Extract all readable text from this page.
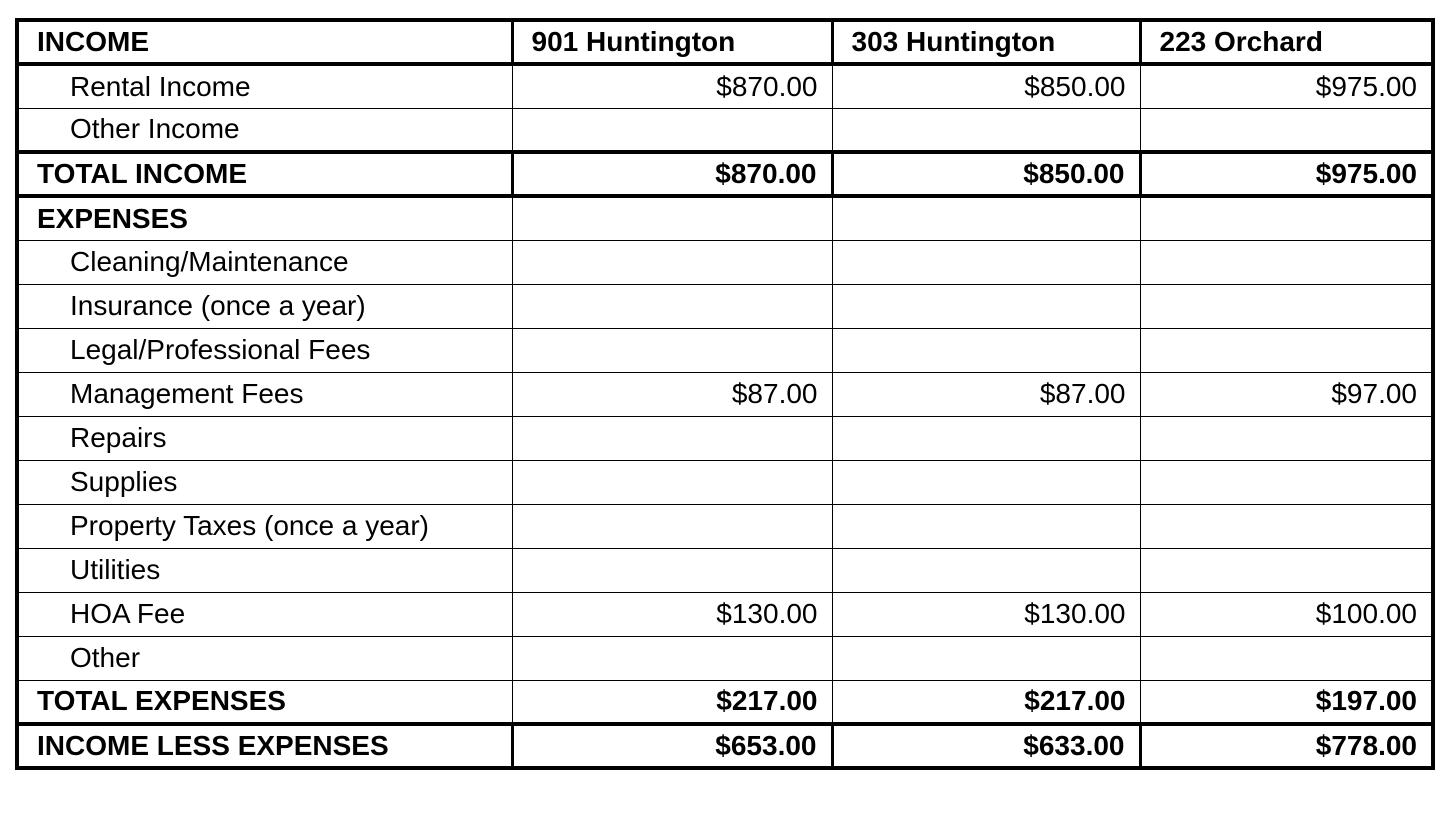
INCOME	901 Huntington	303 Huntington	223 Orchard
Rental Income	$870.00	$850.00	$975.00
Other Income			
TOTAL INCOME	$870.00	$850.00	$975.00
EXPENSES			
Cleaning/Maintenance			
Insurance (once a year)			
Legal/Professional Fees			
Management Fees	$87.00	$87.00	$97.00
Repairs			
Supplies			
Property Taxes (once a year)			
Utilities			
HOA Fee	$130.00	$130.00	$100.00
Other			
TOTAL EXPENSES	$217.00	$217.00	$197.00
INCOME LESS EXPENSES	$653.00	$633.00	$778.00
